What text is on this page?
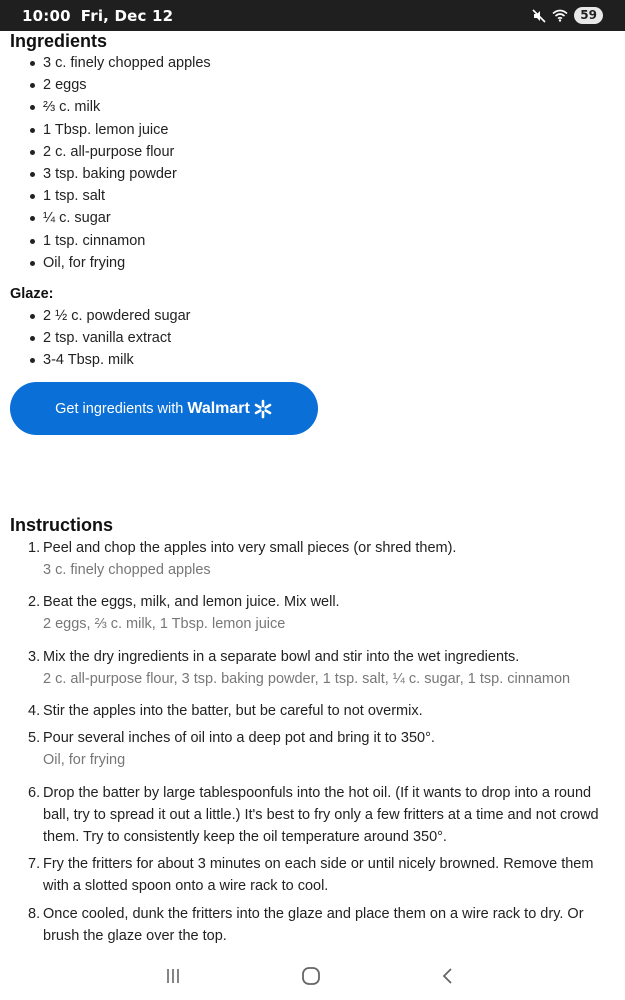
10:00 Fri, Dec 12	59
Ingredients
3 c. finely chopped apples
2 eggs
⅔ c. milk
1 Tbsp. lemon juice
2 c. all-purpose flour
3 tsp. baking powder
1 tsp. salt
¼ c. sugar
1 tsp. cinnamon
Oil, for frying
Glaze:
2 ½ c. powdered sugar
2 tsp. vanilla extract
3-4 Tbsp. milk
Get ingredients with Walmart
Instructions
1. Peel and chop the apples into very small pieces (or shred them).
3 c. finely chopped apples
2. Beat the eggs, milk, and lemon juice. Mix well.
2 eggs, ⅔ c. milk, 1 Tbsp. lemon juice
3. Mix the dry ingredients in a separate bowl and stir into the wet ingredients.
2 c. all-purpose flour, 3 tsp. baking powder, 1 tsp. salt, ¼ c. sugar, 1 tsp. cinnamon
4. Stir the apples into the batter, but be careful to not overmix.
5. Pour several inches of oil into a deep pot and bring it to 350°.
Oil, for frying
6. Drop the batter by large tablespoonfuls into the hot oil. (If it wants to drop into a round ball, try to spread it out a little.) It's best to fry only a few fritters at a time and not crowd them. Try to consistently keep the oil temperature around 350°.
7. Fry the fritters for about 3 minutes on each side or until nicely browned. Remove them with a slotted spoon onto a wire rack to cool.
8. Once cooled, dunk the fritters into the glaze and place them on a wire rack to dry. Or brush the glaze over the top.
